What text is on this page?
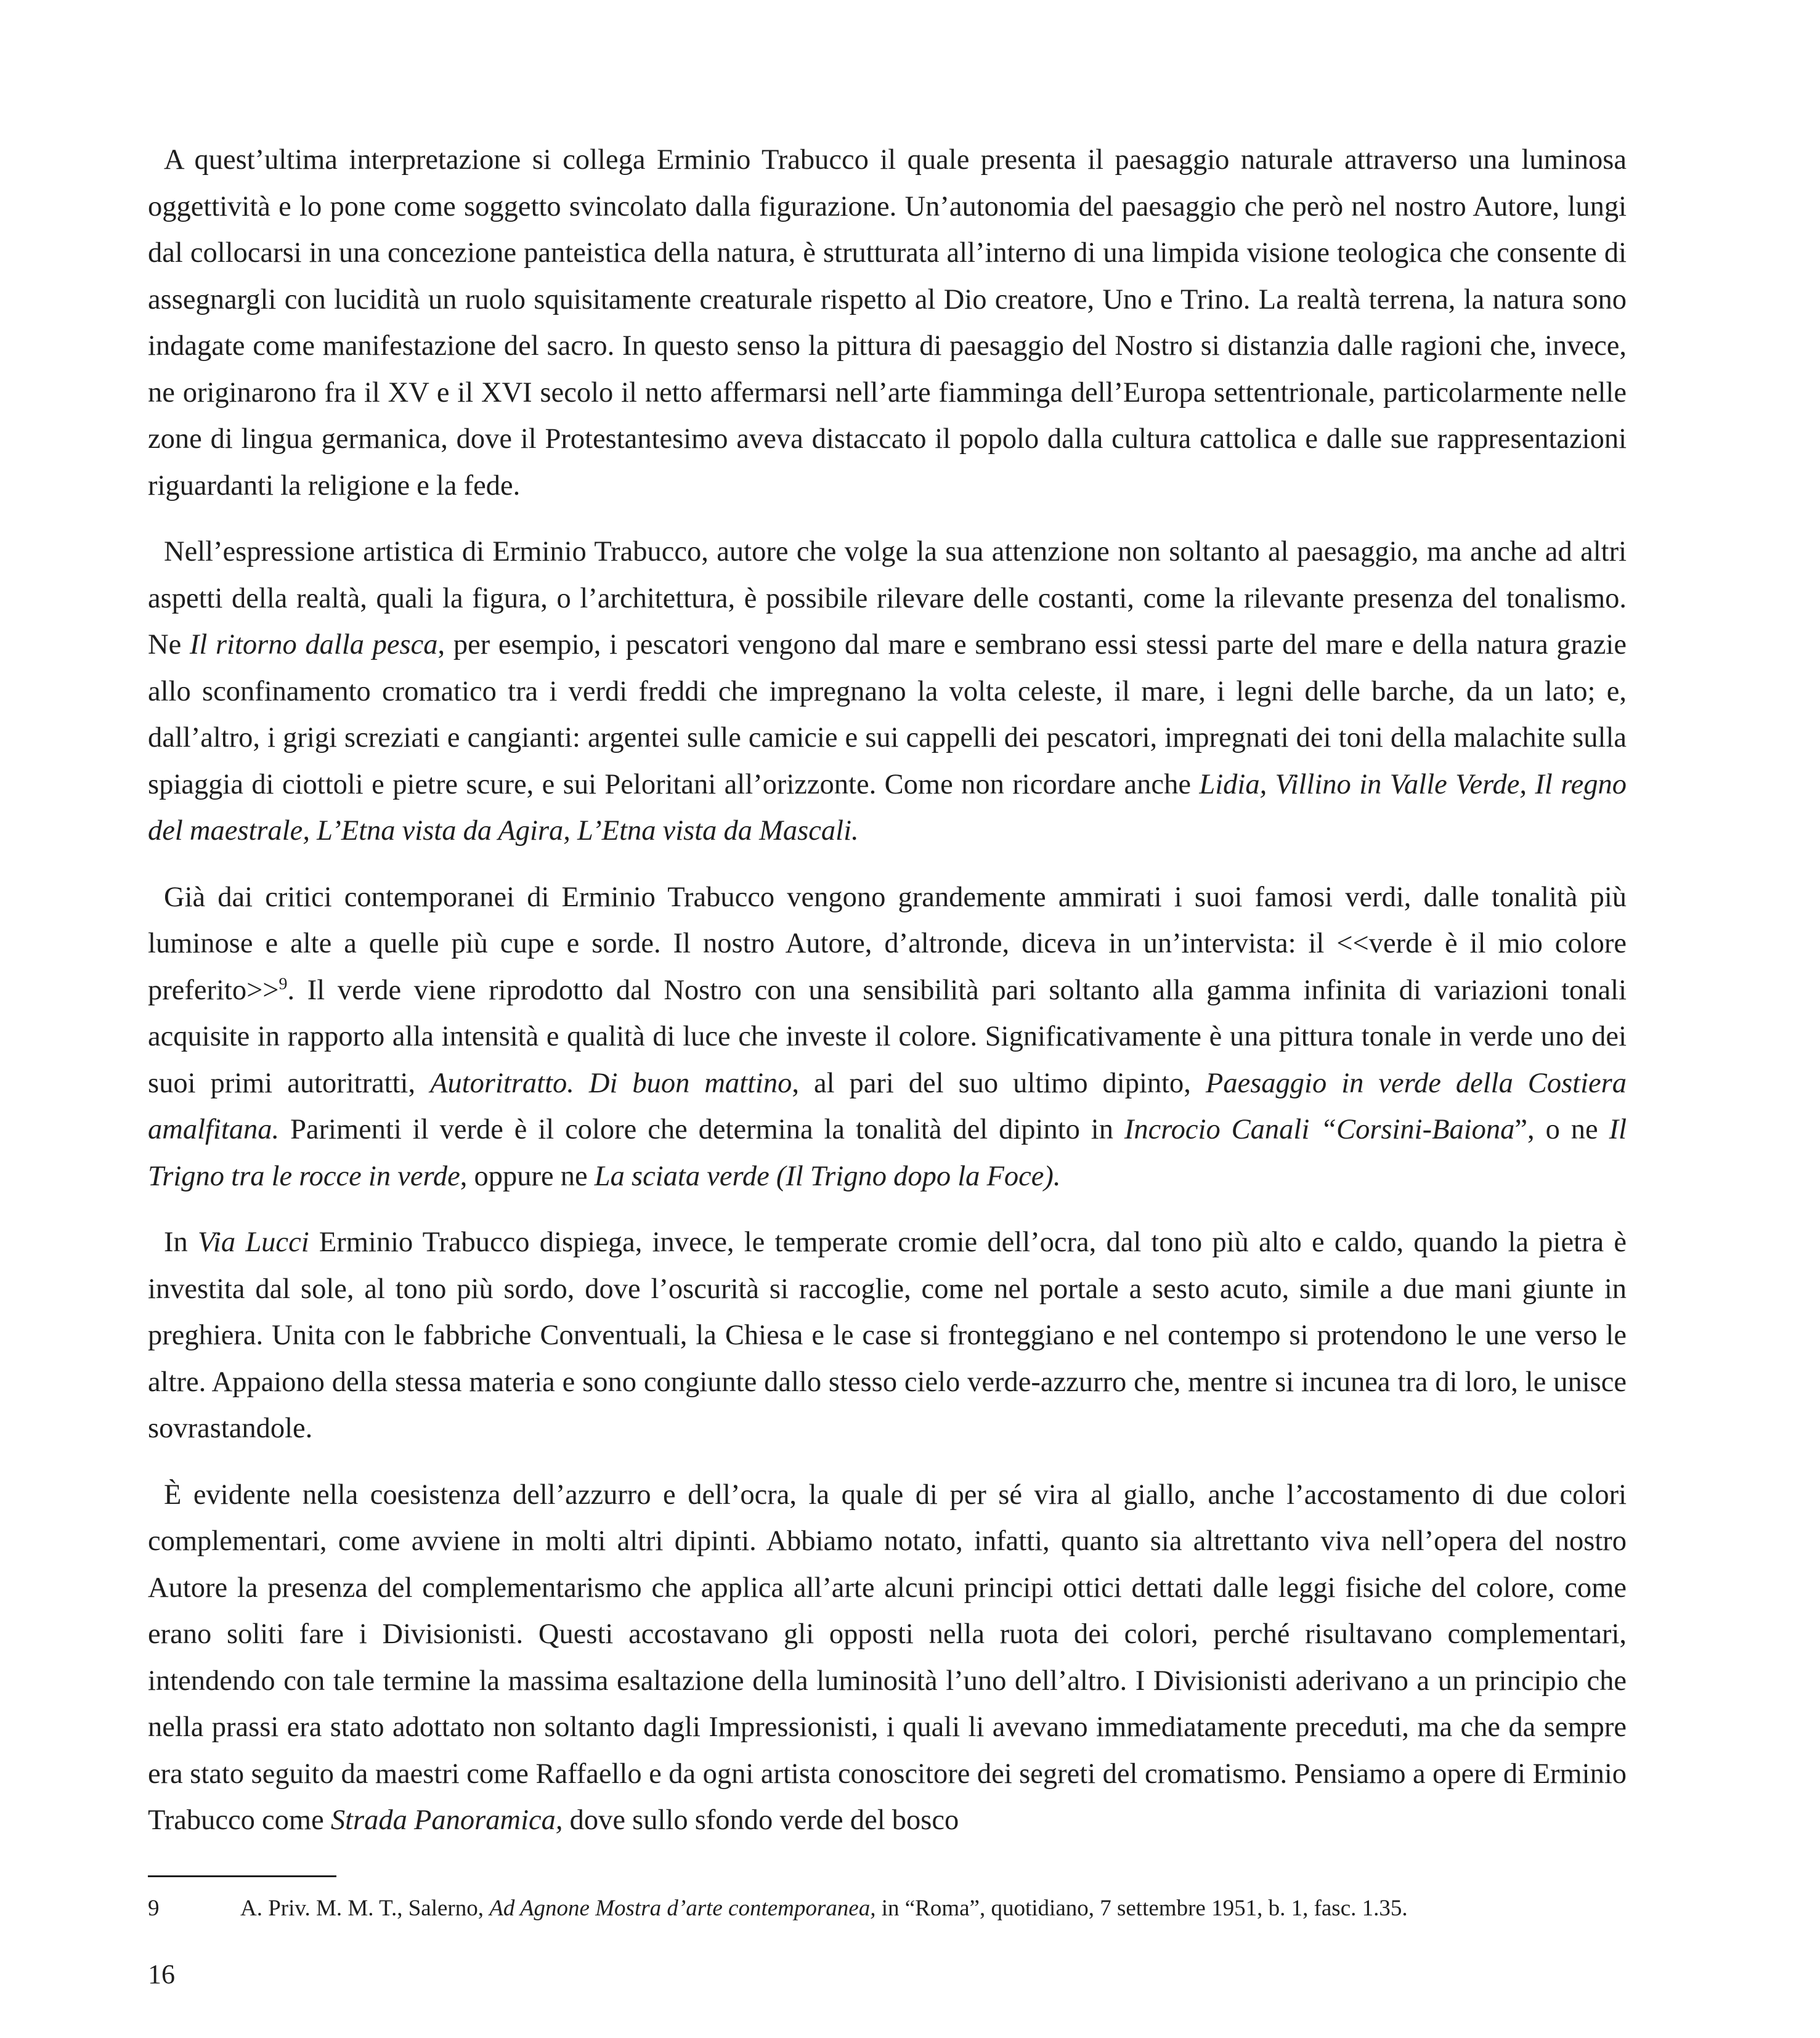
A quest’ultima interpretazione si collega Erminio Trabucco il quale presenta il paesaggio naturale attraverso una luminosa oggettività e lo pone come soggetto svincolato dalla figurazione. Un’autonomia del paesaggio che però nel nostro Autore, lungi dal collocarsi in una concezione panteistica della natura, è strutturata all’interno di una limpida visione teologica che consente di assegnargli con lucidità un ruolo squisitamente creaturale rispetto al Dio creatore, Uno e Trino. La realtà terrena, la natura sono indagate come manifestazione del sacro. In questo senso la pittura di paesaggio del Nostro si distanzia dalle ragioni che, invece, ne originarono fra il XV e il XVI secolo il netto affermarsi nell’arte fiamminga dell’Europa settentrionale, particolarmente nelle zone di lingua germanica, dove il Protestantesimo aveva distaccato il popolo dalla cultura cattolica e dalle sue rappresentazioni riguardanti la religione e la fede.

Nell’espressione artistica di Erminio Trabucco, autore che volge la sua attenzione non soltanto al paesaggio, ma anche ad altri aspetti della realtà, quali la figura, o l’architettura, è possibile rilevare delle costanti, come la rilevante presenza del tonalismo. Ne Il ritorno dalla pesca, per esempio, i pescatori vengono dal mare e sembrano essi stessi parte del mare e della natura grazie allo sconfinamento cromatico tra i verdi freddi che impregnano la volta celeste, il mare, i legni delle barche, da un lato; e, dall’altro, i grigi screziati e cangianti: argentei sulle camicie e sui cappelli dei pescatori, impregnati dei toni della malachite sulla spiaggia di ciottoli e pietre scure, e sui Peloritani all’orizzonte. Come non ricordare anche Lidia, Villino in Valle Verde, Il regno del maestrale, L’Etna vista da Agira, L’Etna vista da Mascali.

Già dai critici contemporanei di Erminio Trabucco vengono grandemente ammirati i suoi famosi verdi, dalle tonalità più luminose e alte a quelle più cupe e sorde. Il nostro Autore, d’altronde, diceva in un’intervista: il <<verde è il mio colore preferito>>$^9$. Il verde viene riprodotto dal Nostro con una sensibilità pari soltanto alla gamma infinita di variazioni tonali acquisite in rapporto alla intensità e qualità di luce che investe il colore. Significativamente è una pittura tonale in verde uno dei suoi primi autoritratti, Autoritratto. Di buon mattino, al pari del suo ultimo dipinto, Paesaggio in verde della Costiera amalfitana. Parimenti il verde è il colore che determina la tonalità del dipinto in Incrocio Canali “Corsini-Baiona”, o ne Il Trigno tra le rocce in verde, oppure ne La sciata verde (Il Trigno dopo la Foce).

In Via Lucci Erminio Trabucco dispiega, invece, le temperate cromie dell’ocra, dal tono più alto e caldo, quando la pietra è investita dal sole, al tono più sordo, dove l’oscurità si raccoglie, come nel portale a sesto acuto, simile a due mani giunte in preghiera. Unita con le fabbriche Conventuali, la Chiesa e le case si fronteggiano e nel contempo si protendono le une verso le altre. Appaiono della stessa materia e sono congiunte dallo stesso cielo verde-azzurro che, mentre si incunea tra di loro, le unisce sovrastandole.

È evidente nella coesistenza dell’azzurro e dell’ocra, la quale di per sé vira al giallo, anche l’accostamento di due colori complementari, come avviene in molti altri dipinti. Abbiamo notato, infatti, quanto sia altrettanto viva nell’opera del nostro Autore la presenza del complementarismo che applica all’arte alcuni principi ottici dettati dalle leggi fisiche del colore, come erano soliti fare i Divisionisti. Questi accostavano gli opposti nella ruota dei colori, perché risultavano complementari, intendendo con tale termine la massima esaltazione della luminosità l’uno dell’altro. I Divisionisti aderivano a un principio che nella prassi era stato adottato non soltanto dagli Impressionisti, i quali li avevano immediatamente preceduti, ma che da sempre era stato seguito da maestri come Raffaello e da ogni artista conoscitore dei segreti del cromatismo. Pensiamo a opere di Erminio Trabucco come Strada Panoramica, dove sullo sfondo verde del bosco

9	A. Priv. M. M. T., Salerno, Ad Agnone Mostra d’arte contemporanea, in “Roma”, quotidiano, 7 settembre 1951, b. 1, fasc. 1.35.
16
